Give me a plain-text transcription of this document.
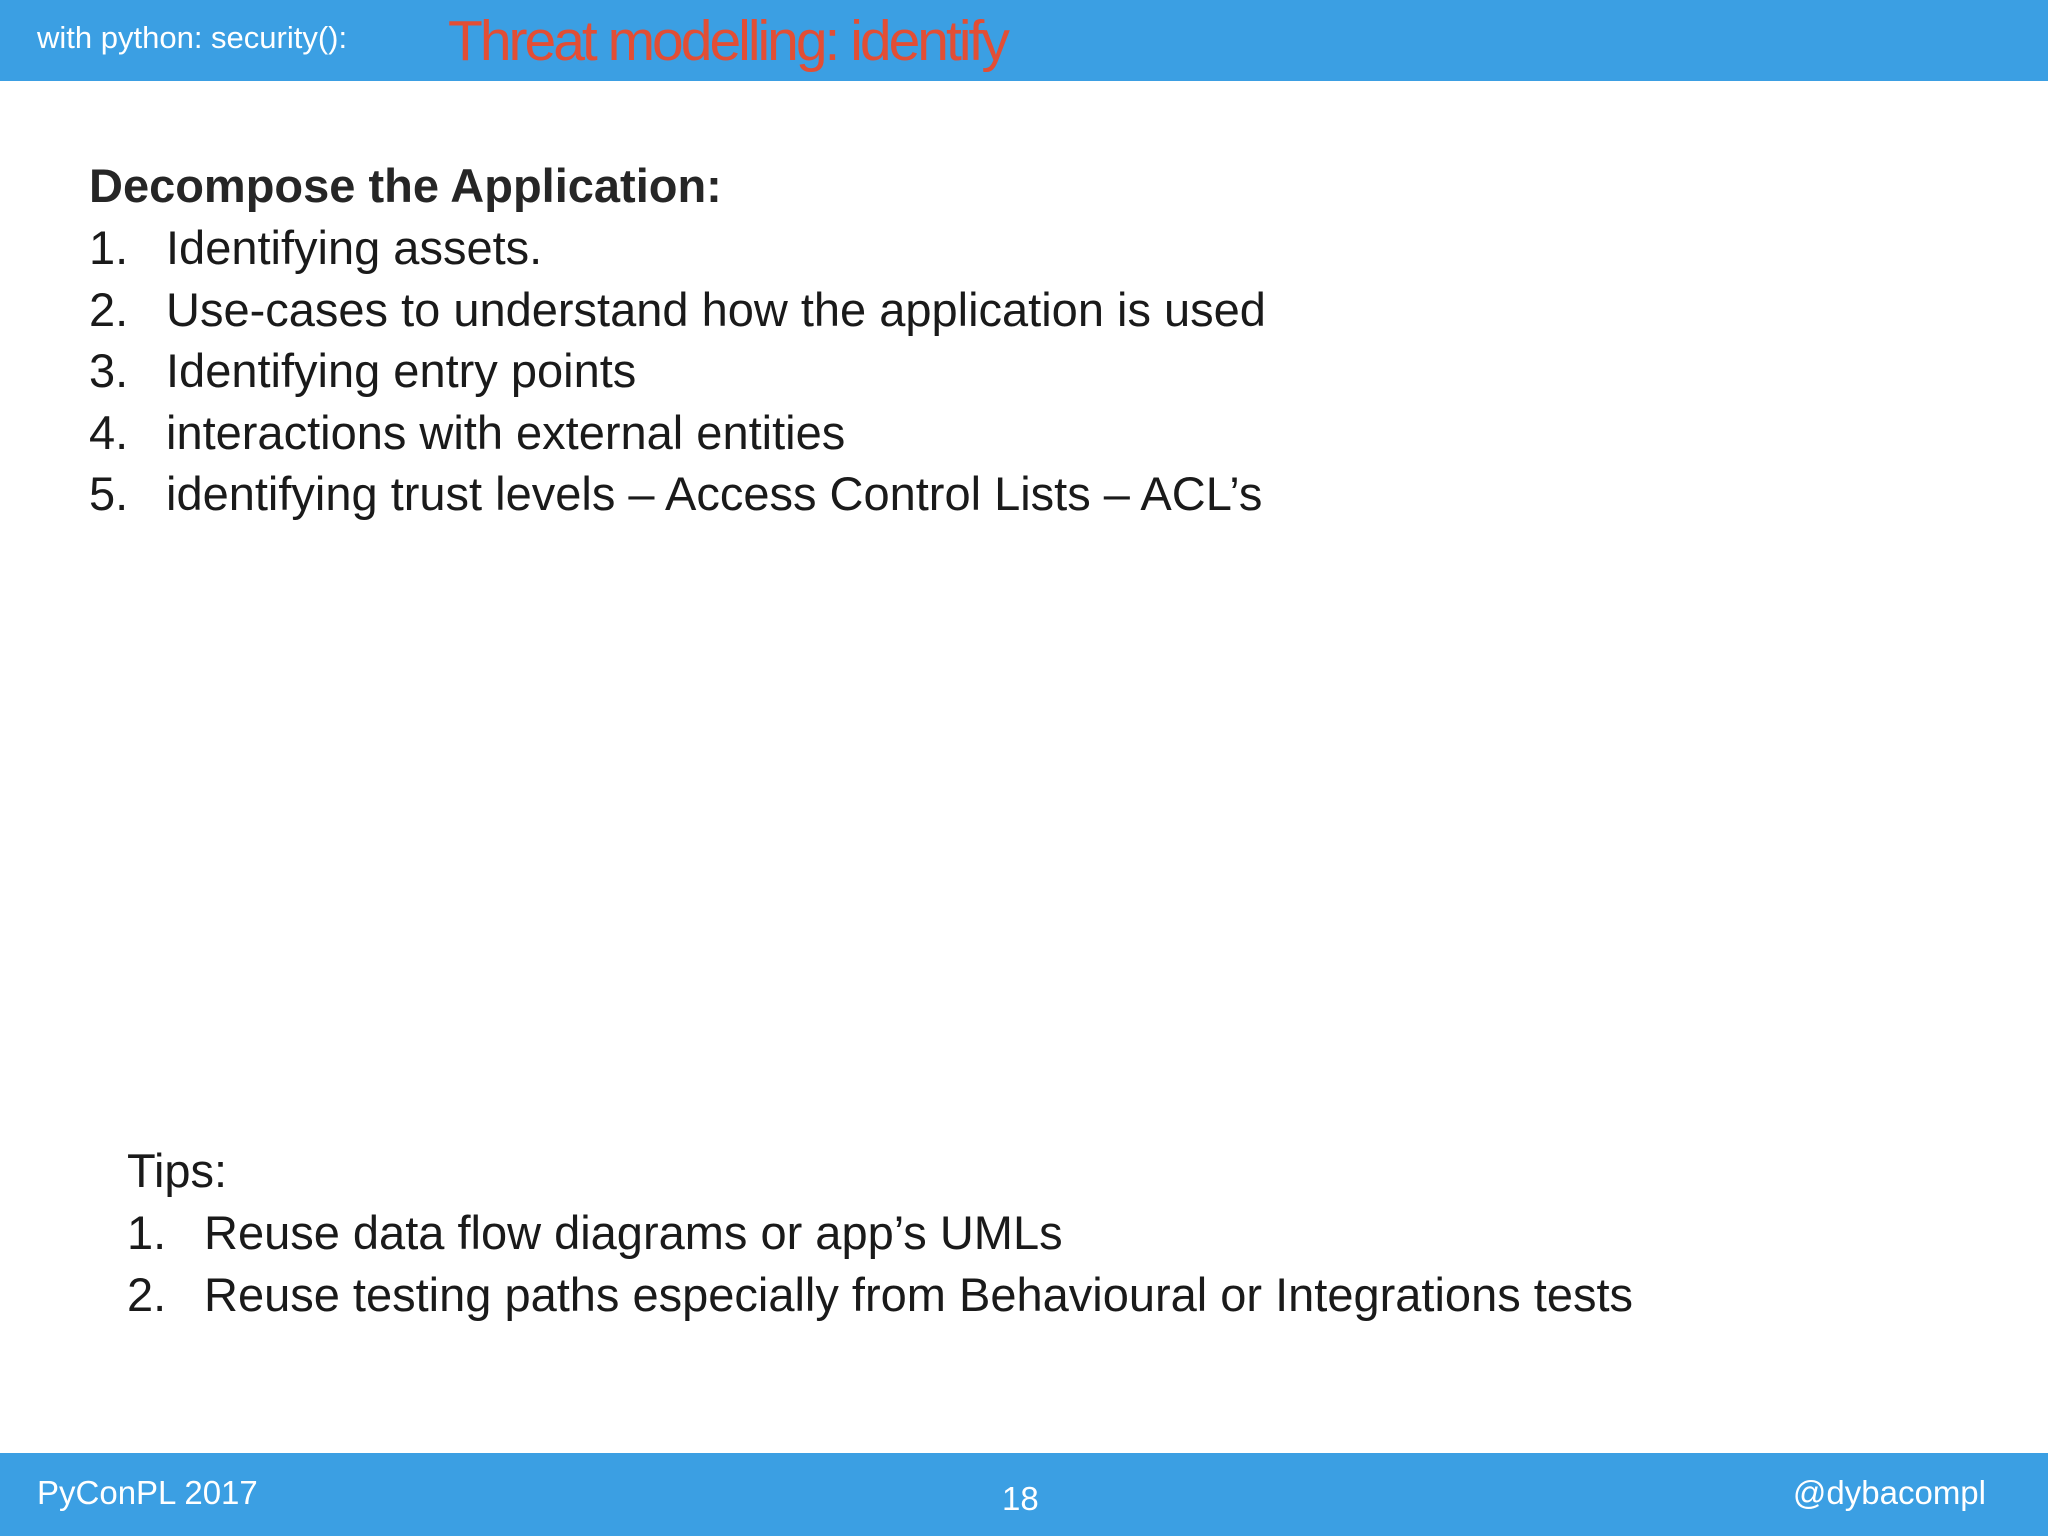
with python: security(): Threat modelling: identify
Decompose the Application:
1. Identifying assets.
2. Use-cases to understand how the application is used
3. Identifying entry points
4. interactions with external entities
5. identifying trust levels – Access Control Lists – ACL’s
Tips:
1. Reuse data flow diagrams or app’s UMLs
2. Reuse testing paths especially from Behavioural or Integrations tests
PyConPL 2017	18	@dybacompl
